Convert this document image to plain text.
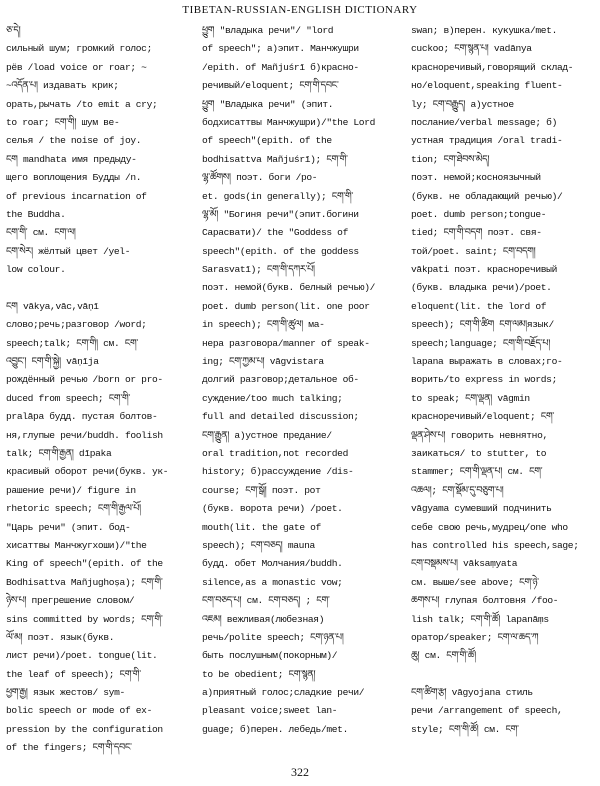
TIBETAN-RUSSIAN-ENGLISH DICTIONARY
ཅ་དེ།
сильный шум; громкий голос;
рёв /load voice or roar; ~
~འདོན་པ། издавать крик;
орать,рычать /to emit a cry;
to roar; ངག་གི། шум ве-
селья / the noise of joy.
ངག mandhata имя предыду-
щего воплощения Будды /n.
of previous incarnation of
the Buddha.
ངག་གི་ см. ངག་ལ།
ངག་སེར། жёлтый цвет /yel-
low colour.
ངག vākya,vāc,vāṇī
слово;речь;разговор /word;
speech;talk; ངག་གི། см. ངག་
འབྱུང་། ངག་གི་སྐྱེ། vāṇīja
рождённый речью /born or pro-
duced from speech; ངག་གི་
pralāpa будд. пустая болтов-
ня,глупые речи/buddh. foolish
talk; ངག་གི་རྒྱན། dīpaka
красивый оборот речи(букв. ук-
рашение речи)/ figure in
rhetoric speech; ངག་གི་རྒྱལ་པོ།
"Царь речи" (эпит. бод-
хисаттвы Манчжугхоши)/"the
King of speech"(epith. of the
Bodhisattva Mañjughoṣa); ངག་གི་
ཉེས་པ། прегрешение словом/
sins committed by words; ངག་གི་
ལོ་མ། поэт. язык(букв.
лист речи)/poet. tongue(lit.
the leaf of speech); ངག་གི་
ཕྱག་རྒྱ། язык жестов/ sym-
bolic speech or mode of ex-
pression by the configuration
of the fingers; ངག་གི་དབང་
ཕྱུག "владыка речи"/ "lord
of speech"; а)эпит. Манчжушри
/epith. of Mañjuśrī б)красно-
речивый/eloquent; ངག་གི་དབང་
ཕྱུག "Владыка речи" (эпит.
бодхисаттвы Манчжушри)/"the Lord
of speech"(epith. of the
bodhisattva Mañjuśrī); ངག་གི་
ལྷ་ཚོགས། поэт. боги /po-
et. gods(in generally); ངག་གི་
ལྷ་མོ། "Богиня речи"(эпит.богини
Сарасвати)/ the "Goddess of
speech"(epith. of the goddess
Sarasvatī); ངག་གི་དཀར་པོ།
поэт. немой(букв. белный речью)/
poet. dumb person(lit. one poor
in speech); ངག་གི་ཚུལ། ма-
нера разговора/manner of speak-
ing; ངག་ཀྱམ་པ། vāgvistara
долгий разговор;детальное об-
суждение/too much talking;
full and detailed discussion;
ངག་རྒྱུན། а)устное предание/
oral tradition,not recorded
history; б)рассуждение /dis-
course; ངག་སྒོ། поэт. рот
(букв. ворота речи) /poet.
mouth(lit. the gate of
speech); ངག་བཅད། mauna
будд. обет Молчания/buddh.
silence,as a monastic vow;
ངག་བཅད་པ། см. ངག་བཅད། ; ངག་
འཇམ། вежливая(любезная)
речь/polite speech; ངག་ཉན་པ།
быть послушным(покорным)/
to be obedient; ངག་སྙན།
а)приятный голос;сладкие речи/
pleasant voice;sweet lan-
guage; б)перен. лебедь/met.
swan; в)перен. кукушка/met.
cuckoo; ངག་སྙན་པ། vadānya
красноречивый,говорящий склад-
но/eloquent,speaking fluent-
ly; ངག་བརྒྱུད། а)устное
послание/verbal message; б)
устная традиция /oral tradi-
tion; ངག་ཐེབས་མེད།
поэт. немой;косноязычный
(букв. не обладающий речью)/
poet. dumb person;tongue-
tied; ངག་གི་བདག поэт. свя-
той/poet. saint; ངག་བདག།
vākpati поэт. красноречивый
(букв. владыка речи)/poet.
eloquent(lit. the lord of
speech); ངག་གི་ཚིག ངག་ལམ།язык/
speech;language; ངག་གི་བརྗོད་པ།
lapana выражать в словах;го-
ворить/to express in words;
to speak; ངག་ལྡན། vāgmin
красноречивый/eloquent; ངག་
ལྡན་ཤེས་པ། говорить невнятно,
заикаться/ to stutter, to
stammer; ངག་གི་ལྡན་པ། см. ངག་
འཆལ།; ངག་སྡོམ་དུ་བཅུག་པ།
vāgyama сумевший подчинить
себе свою речь,мудрец/one who
has controlled his speech,sage;
ངག་བསྡམས་པ། vāksaṃyata
см. выше/see above; ངག་ཉེ་
ཆགས་པ། глупая болтовня /foo-
lish talk; ངག་གི་ཚོ། lapanāṃs
оратор/speaker; ངག་ལ་ཆད་ཀ
ཆུ། см. ངག་གི་ཚོ།
ངག་ཚིག་རྩ། vāgyojana стиль
речи /arrangement of speech,
style; ངག་གི་ཚོ། см. ངག་
322
